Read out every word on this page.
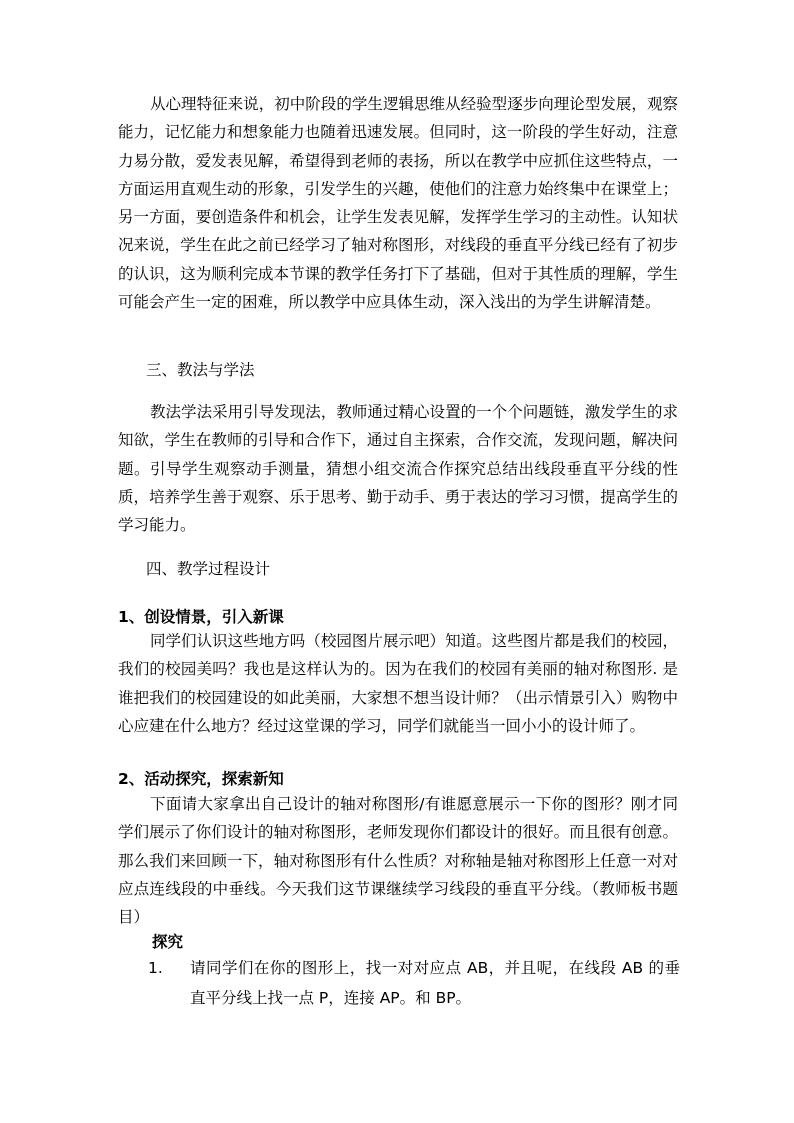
从心理特征来说，初中阶段的学生逻辑思维从经验型逐步向理论型发展，观察能力，记忆能力和想象能力也随着迅速发展。但同时，这一阶段的学生好动，注意力易分散，爱发表见解，希望得到老师的表扬，所以在教学中应抓住这些特点，一方面运用直观生动的形象，引发学生的兴趣，使他们的注意力始终集中在课堂上；另一方面，要创造条件和机会，让学生发表见解，发挥学生学习的主动性。认知状况来说，学生在此之前已经学习了轴对称图形，对线段的垂直平分线已经有了初步的认识，这为顺利完成本节课的教学任务打下了基础，但对于其性质的理解，学生可能会产生一定的困难，所以教学中应具体生动，深入浅出的为学生讲解清楚。

三、教法与学法

教法学法采用引导发现法，教师通过精心设置的一个个问题链，激发学生的求知欲，学生在教师的引导和合作下，通过自主探索，合作交流，发现问题，解决问题。引导学生观察动手测量，猜想小组交流合作探究总结出线段垂直平分线的性质，培养学生善于观察、乐于思考、勤于动手、勇于表达的学习习惯，提高学生的学习能力。

四、教学过程设计

1、创设情景，引入新课

同学们认识这些地方吗（校园图片展示吧）知道。这些图片都是我们的校园，我们的校园美吗？我也是这样认为的。因为在我们的校园有美丽的轴对称图形. 是谁把我们的校园建设的如此美丽，大家想不想当设计师？（出示情景引入）购物中心应建在什么地方？经过这堂课的学习，同学们就能当一回小小的设计师了。

2、活动探究，探索新知

下面请大家拿出自己设计的轴对称图形/有谁愿意展示一下你的图形？刚才同学们展示了你们设计的轴对称图形，老师发现你们都设计的很好。而且很有创意。那么我们来回顾一下，轴对称图形有什么性质？对称轴是轴对称图形上任意一对对应点连线段的中垂线。今天我们这节课继续学习线段的垂直平分线。（教师板书题目）

探究

1.	请同学们在你的图形上，找一对对应点 AB，并且呢，在线段 AB 的垂直平分线上找一点 P，连接 AP。和 BP。
